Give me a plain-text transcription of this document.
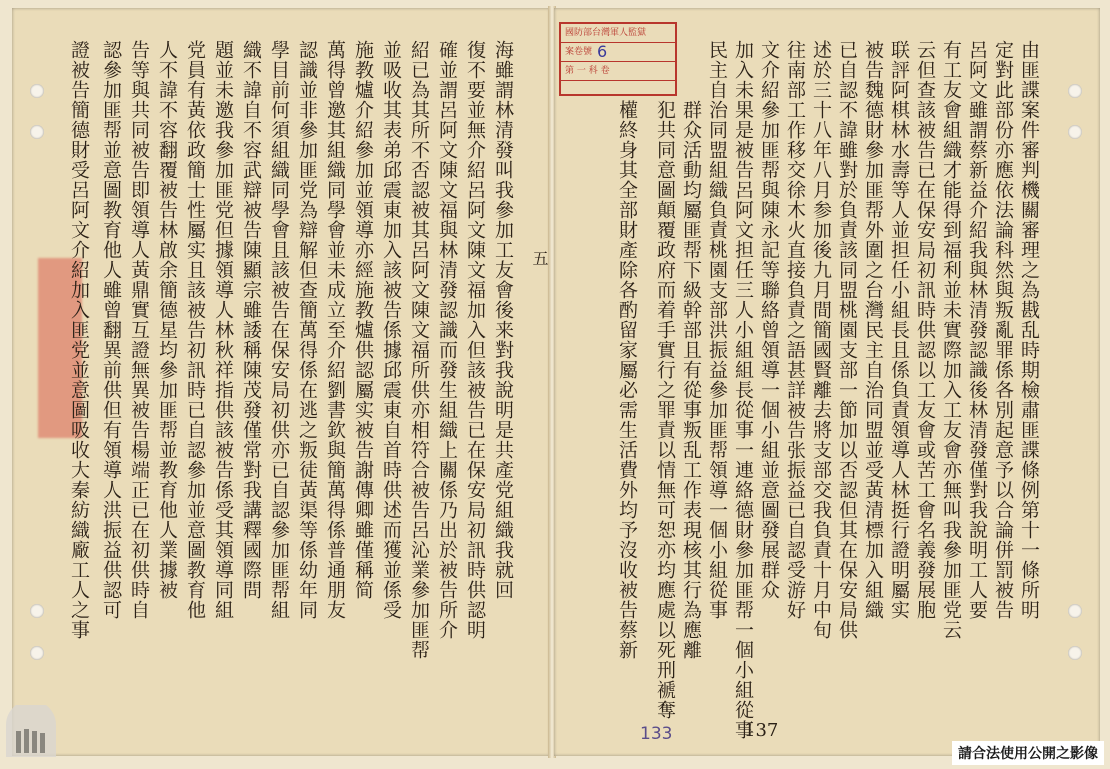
由匪諜案件審判機關審理之為戡乱時期檢肅匪諜條例第十一條所明
定對此部份亦應依法論科然與叛亂罪係各別起意予以合論併罰被告
呂阿文雖謂蔡新益介紹我與林清發認識後林清發僅對我說明工人要
有工友會組織才能得到福利並未實際加入工友會亦無叫我參加匪党云
云但查該被告已在保安局初訊時供認以工友會或苦工會名義發展胞
联評阿棋林水壽等人並担任小組長且係負責領導人林挺行證明屬实
被告魏德財參加匪帮外圍之台灣民主自治同盟並受黃清標加入組織
已自認不諱雖對於負責該同盟桃園支部一節加以否認但其在保安局供
述於三十八年八月参加後九月間簡國賢離去將支部交我負責十月中旬
往南部工作移交徐木火直接負責之語甚詳被告张振益已自認受游好
文介紹參加匪帮與陳永記等聯絡曾領導一個小組並意圖發展群众
加入未果是被告呂阿文担任三人小組組長從事一連絡德財參加匪帮一個小組從事
民主自治同盟組織負責桃園支部洪振益參加匪帮領導一個小組從事
群众活動均屬匪帮下級幹部且有從事叛乱工作表現核其行為應離
犯共同意圖顛覆政府而着手實行之罪責以情無可恕亦均應處以死刑褫奪
權終身其全部財產除各酌留家屬必需生活費外均予沒收被告蔡新
國防部台灣軍人監獄
案卷號
第 一 科 卷
6
133	137
五
海雖謂林清發叫我參加工友會後来對我說明是共產党組織我就回
復不要並無介紹呂阿文陳文福加入但該被告已在保安局初訊時供認明
確並謂呂阿文陳文福與林清發認識而發生組織上關係乃出於被告所介
紹已為其所不否認被其呂阿文陳文福所供亦相符合被告呂沁業參加匪帮
並吸收其表弟邱震東加入該被告係據邱震東自首時供述而獲並係受
施教爐介紹參加並領導亦經施教爐供認屬实被告謝傳卿雖僅稱简
萬得曾邀其組織同學會並未成立至介紹劉書欽與簡萬得係普通朋友
認識並非參加匪党為辯解但查簡萬得係在逃之叛徒黃渠等係幼年同
學目前何須組織同學會且該被告在保安局初供亦已自認參加匪帮組
織不諱自不容武辯被告陳顯宗雖諉稱陳茂發僅常對我講釋國際問
題並未邀我參加匪党但據領導人林秋祥指供該被告係受其領導同組
党員有黃依政簡士性屬实且該被告初訊時已自認參加並意圖教育他
人不諱不容翻覆被告林啟余簡德星均參加匪帮並教育他人業據被
告等與共同被告即領導人黃鼎實互證無異被告楊端正已在初供時自
認參加匪帮並意圖教育他人雖曾翻異前供但有領導人洪振益供認可
證被告簡德財受呂阿文介紹加入匪党並意圖吸收大秦紡織廠工人之事
請合法使用公開之影像
